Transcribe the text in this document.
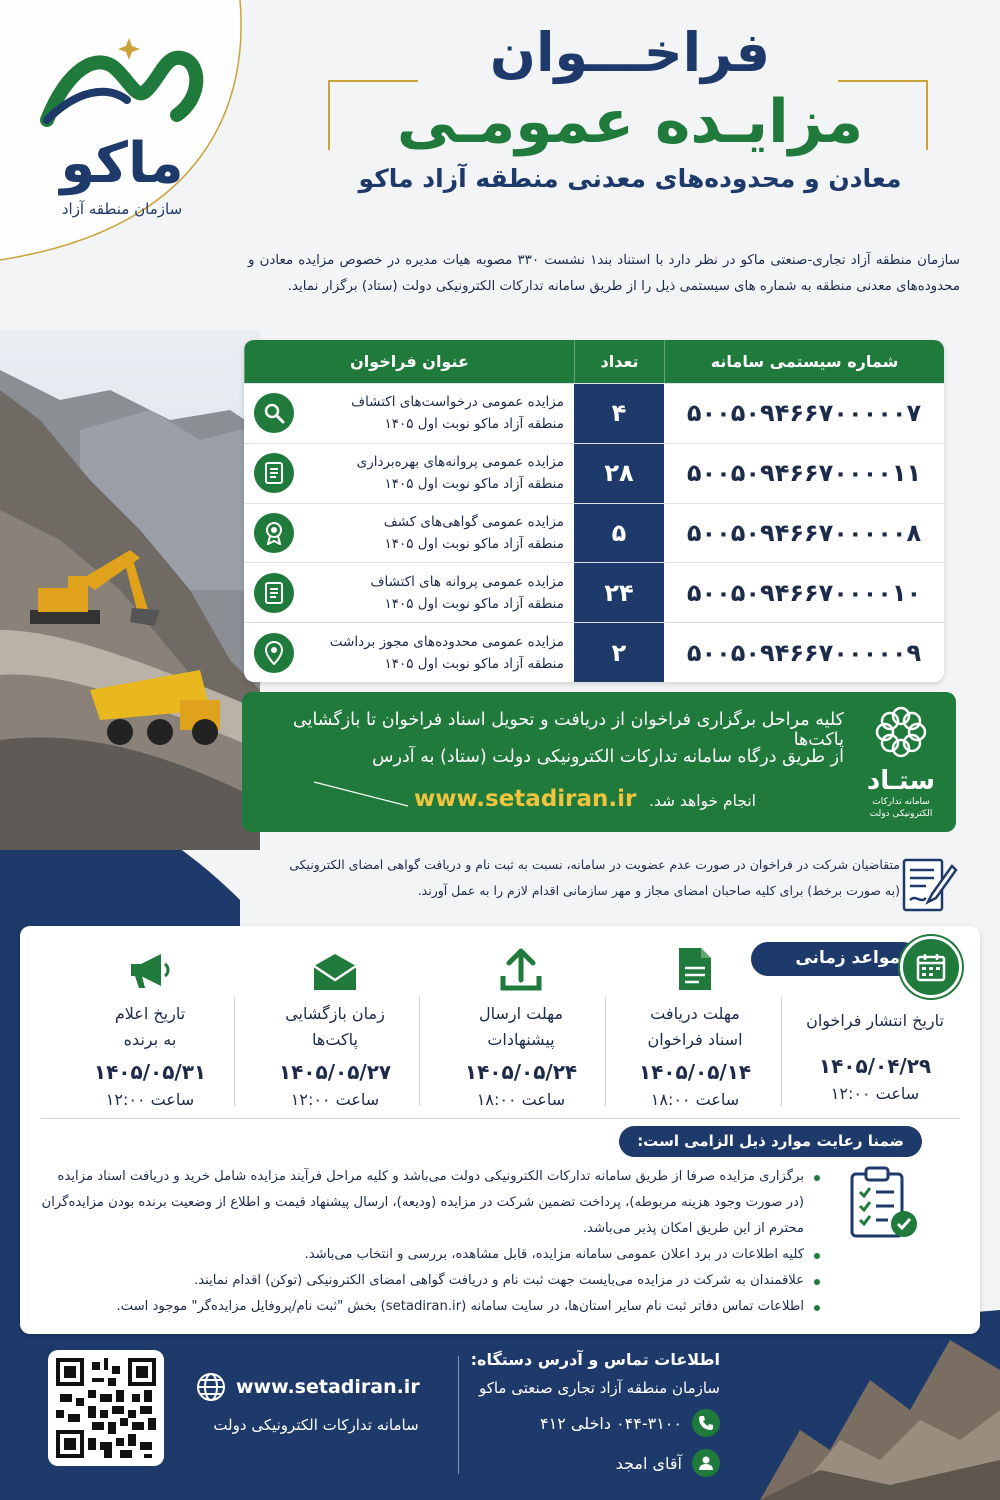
ماکو
سازمان منطقه آزاد
فراخـــوان
مزایـده عمومـی
معادن و محدوده‌های معدنی منطقه آزاد ماکو
سازمان منطقه آزاد تجاری-صنعتی ماکو در نظر دارد با استناد بند۱ نشست ۳۳۰ مصوبه هیات مدیره در خصوص مزایده معادن و محدوده‌های معدنی منطقه به شماره های سیستمی ذیل را از طریق سامانه تدارکات الکترونیکی دولت (ستاد) برگزار نماید.
شماره سیستمی سامانه
تعداد
عنوان فراخوان
۵۰۰۵۰۹۴۶۶۷۰۰۰۰۰۷
۴
مزایده عمومی درخواست‌های اکتشاف
منطقه آزاد ماکو نوبت اول ۱۴۰۵
۵۰۰۵۰۹۴۶۶۷۰۰۰۰۱۱
۲۸
مزایده عمومی پروانه‌های بهره‌برداری
منطقه آزاد ماکو نوبت اول ۱۴۰۵
۵۰۰۵۰۹۴۶۶۷۰۰۰۰۰۸
۵
مزایده عمومی گواهی‌های کشف
منطقه آزاد ماکو نوبت اول ۱۴۰۵
۵۰۰۵۰۹۴۶۶۷۰۰۰۰۱۰
۲۴
مزایده عمومی پروانه های اکتشاف
منطقه آزاد ماکو نوبت اول ۱۴۰۵
۵۰۰۵۰۹۴۶۶۷۰۰۰۰۰۹
۲
مزایده عمومی محدوده‌های مجوز برداشت
منطقه آزاد ماکو نوبت اول ۱۴۰۵
ستـاد
سامانه تدارکات
الکترونیکی دولت
کلیه مراحل برگزاری فراخوان از دریافت و تحویل اسناد فراخوان تا بازگشایی پاکت‌ها
از طریق درگاه سامانه تدارکات الکترونیکی دولت (ستاد) به آدرس
انجام خواهد شد.
www.setadiran.ir
متقاضیان شرکت در فراخوان در صورت عدم عضویت در سامانه، نسبت به ثبت نام و دریافت گواهی امضای الکترونیکی
(به صورت برخط) برای کلیه صاحبان امضای مجاز و مهر سازمانی اقدام لازم را به عمل آورند.
مواعد زمانی
تاریخ انتشار فراخوان
۱۴۰۵/۰۴/۲۹
ساعت ۱۲:۰۰
مهلت دریافت
اسناد فراخوان
۱۴۰۵/۰۵/۱۴
ساعت ۱۸:۰۰
مهلت ارسال
پیشنهادات
۱۴۰۵/۰۵/۲۴
ساعت ۱۸:۰۰
زمان بازگشایی
پاکت‌ها
۱۴۰۵/۰۵/۲۷
ساعت ۱۲:۰۰
تاریخ اعلام
به برنده
۱۴۰۵/۰۵/۳۱
ساعت ۱۲:۰۰
ضمنا رعایت موارد ذیل الزامی است:
برگزاری مزایده صرفا از طریق سامانه تدارکات الکترونیکی دولت می‌باشد و کلیه مراحل فرآیند مزایده شامل خرید و دریافت اسناد مزایده (در صورت وجود هزینه مربوطه)، پرداخت تضمین شرکت در مزایده (ودیعه)، ارسال پیشنهاد قیمت و اطلاع از وضعیت برنده بودن مزایده‌گران محترم از این طریق امکان پذیر می‌باشد.
کلیه اطلاعات در برد اعلان عمومی سامانه مزایده، قابل مشاهده، بررسی و انتخاب می‌باشد.
علاقمندان به شرکت در مزایده می‌بایست جهت ثبت نام و دریافت گواهی امضای الکترونیکی (توکن) اقدام نمایند.
اطلاعات تماس دفاتر ثبت نام سایر استان‌ها، در سایت سامانه (setadiran.ir) بخش "ثبت نام/پروفایل مزایده‌گر" موجود است.
www.setadiran.ir
سامانه تدارکات الکترونیکی دولت
اطلاعات تماس و آدرس دستگاه:
سازمان منطقه آزاد تجاری صنعتی ماکو
۰۴۴-۳۱۰۰ داخلی ۴۱۲
آقای امجد
